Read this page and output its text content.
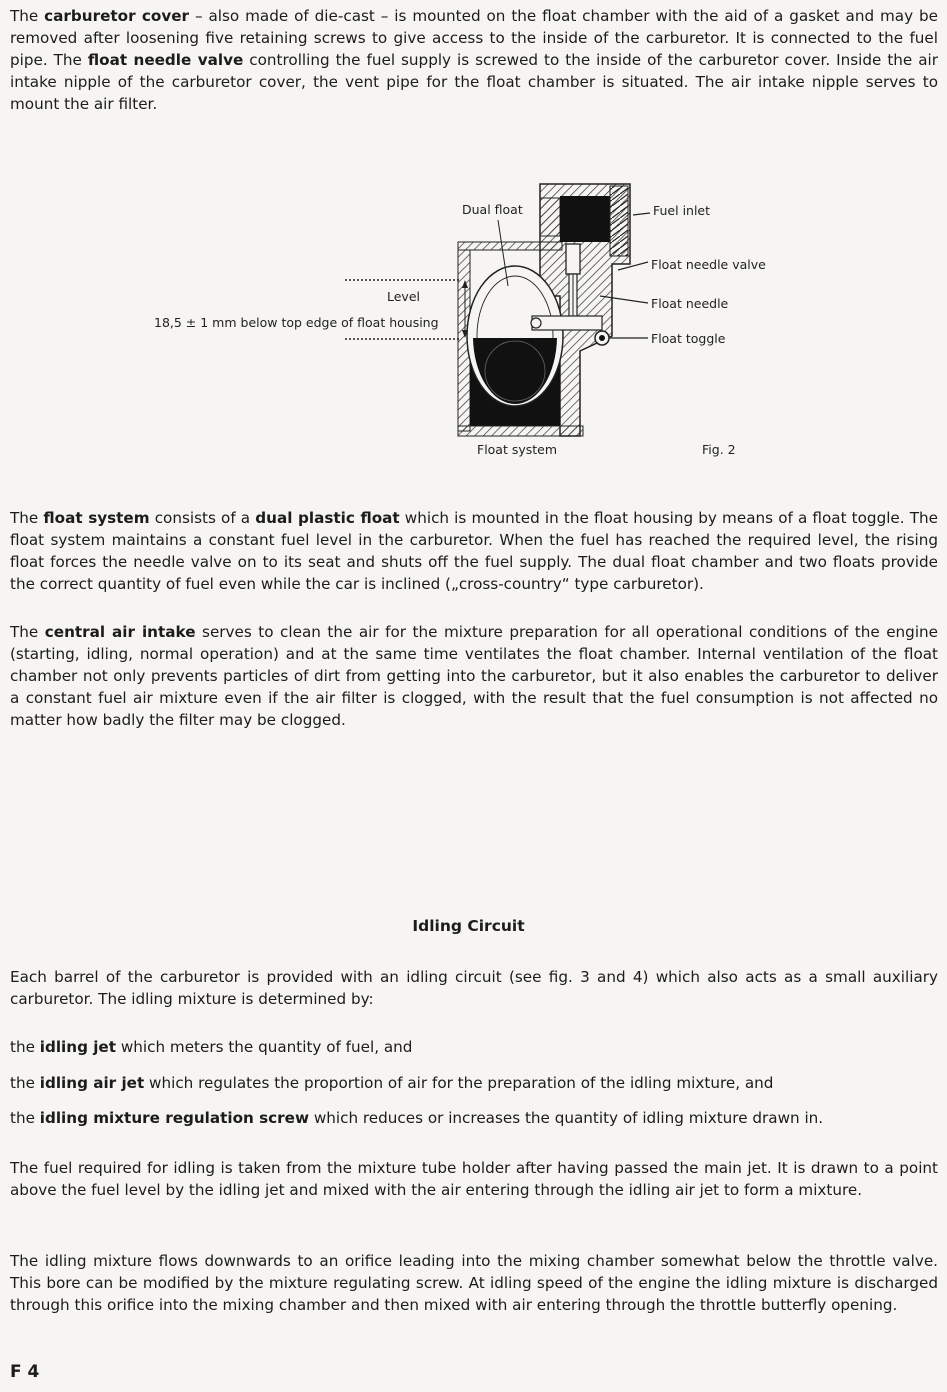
The carburetor cover – also made of die-cast – is mounted on the float chamber with the aid of a gasket and may be removed after loosening five retaining screws to give access to the inside of the carburetor. It is connected to the fuel pipe. The float needle valve controlling the fuel supply is screwed to the inside of the carburetor cover. Inside the air intake nipple of the carburetor cover, the vent pipe for the float chamber is situated. The air intake nipple serves to mount the air filter.

Dual float	Fuel inlet
Float needle valve
Level
18,5 ± 1 mm below top edge of float housing
Float needle
Float toggle
Float system	Fig. 2

The float system consists of a dual plastic float which is mounted in the float housing by means of a float toggle. The float system maintains a constant fuel level in the carburetor. When the fuel has reached the required level, the rising float forces the needle valve on to its seat and shuts off the fuel supply. The dual float chamber and two floats provide the correct quantity of fuel even while the car is inclined („cross-country“ type carburetor).

The central air intake serves to clean the air for the mixture preparation for all operational conditions of the engine (starting, idling, normal operation) and at the same time ventilates the float chamber. Internal ventilation of the float chamber not only prevents particles of dirt from getting into the carburetor, but it also enables the carburetor to deliver a constant fuel air mixture even if the air filter is clogged, with the result that the fuel consumption is not affected no matter how badly the filter may be clogged.

Idling Circuit

Each barrel of the carburetor is provided with an idling circuit (see fig. 3 and 4) which also acts as a small auxiliary carburetor. The idling mixture is determined by:

the idling jet which meters the quantity of fuel, and

the idling air jet which regulates the proportion of air for the preparation of the idling mixture, and

the idling mixture regulation screw which reduces or increases the quantity of idling mixture drawn in.

The fuel required for idling is taken from the mixture tube holder after having passed the main jet. It is drawn to a point above the fuel level by the idling jet and mixed with the air entering through the idling air jet to form a mixture.

The idling mixture flows downwards to an orifice leading into the mixing chamber somewhat below the throttle valve. This bore can be modified by the mixture regulating screw. At idling speed of the engine the idling mixture is discharged through this orifice into the mixing chamber and then mixed with air entering through the throttle butterfly opening.

F 4
